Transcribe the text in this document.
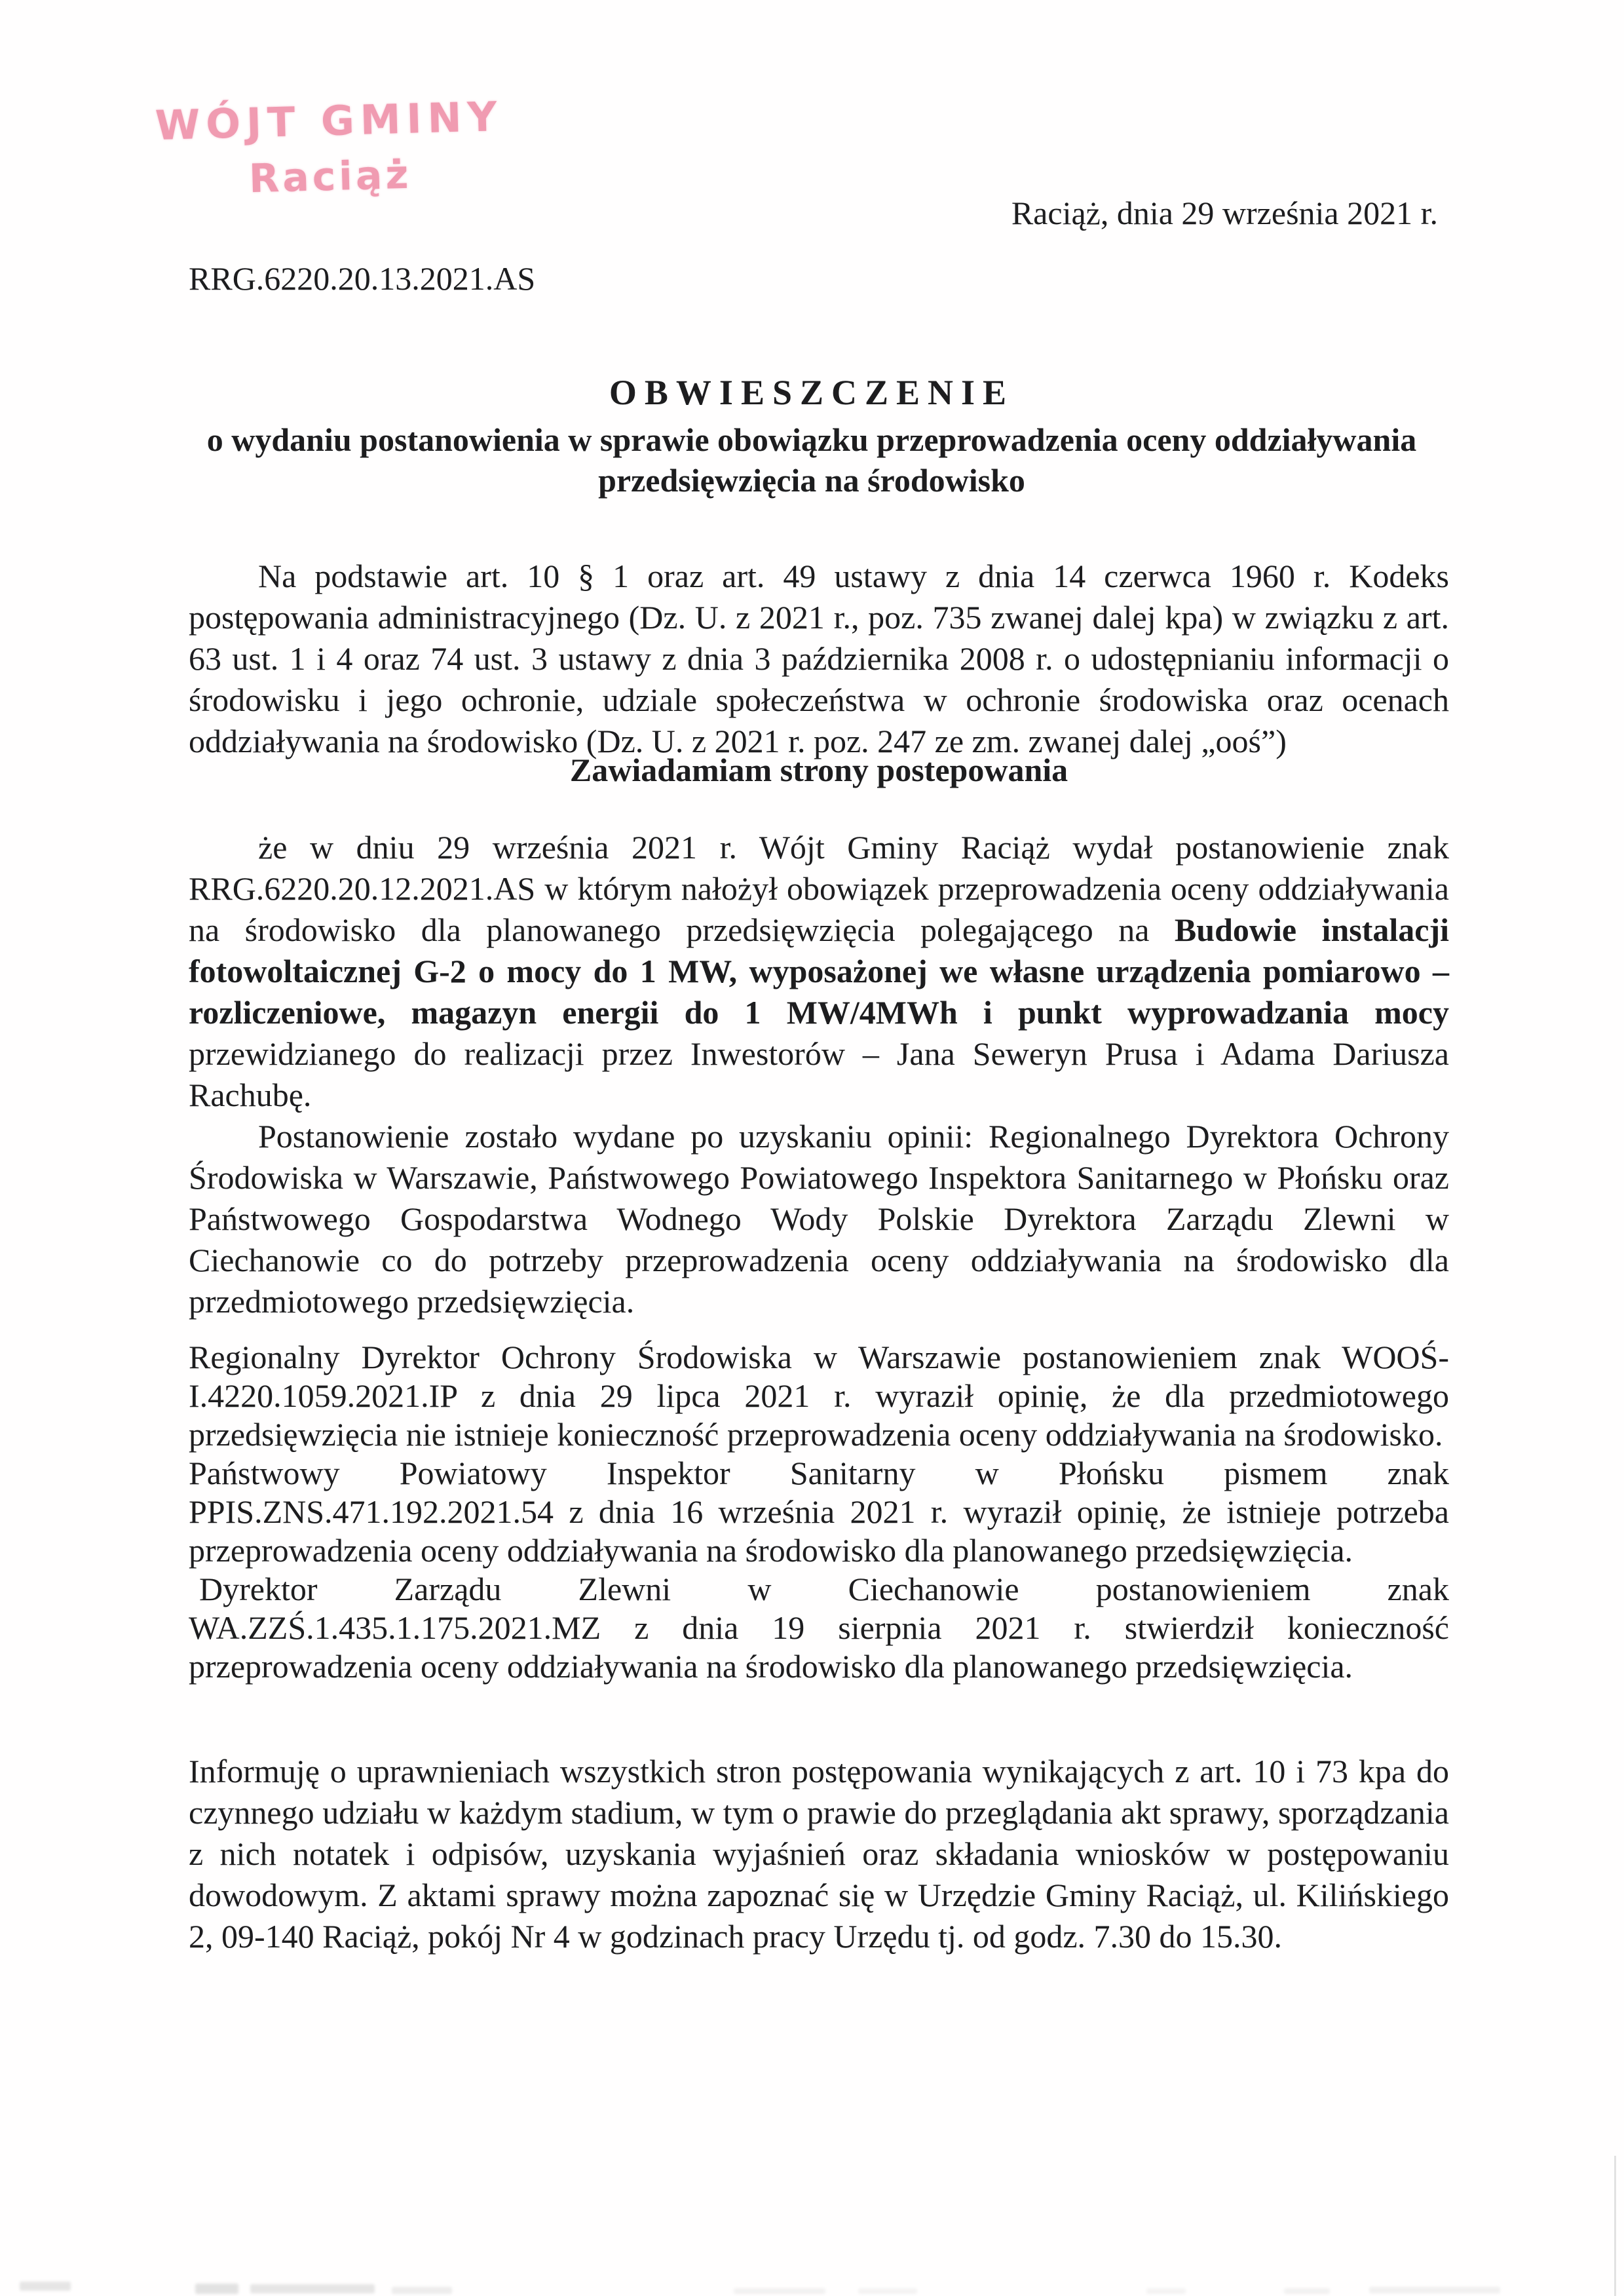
WÓJT GMINY
Raciąż
Raciąż, dnia 29 września 2021 r.
RRG.6220.20.13.2021.AS
OBWIESZCZENIE
o wydaniu postanowienia w sprawie obowiązku przeprowadzenia oceny oddziaływania przedsięwzięcia na środowisko

Na podstawie art. 10 § 1 oraz art. 49 ustawy z dnia 14 czerwca 1960 r. Kodeks postępowania administracyjnego (Dz. U. z 2021 r., poz. 735 zwanej dalej kpa) w związku z art. 63 ust. 1 i 4 oraz 74 ust. 3 ustawy z dnia 3 października 2008 r. o udostępnianiu informacji o środowisku i jego ochronie, udziale społeczeństwa w ochronie środowiska oraz ocenach oddziaływania na środowisko (Dz. U. z 2021 r. poz. 247 ze zm. zwanej dalej „ooś”)

Zawiadamiam strony postepowania

że w dniu 29 września 2021 r. Wójt Gminy Raciąż wydał postanowienie znak RRG.6220.20.12.2021.AS w którym nałożył obowiązek przeprowadzenia oceny oddziaływania na środowisko dla planowanego przedsięwzięcia polegającego na Budowie instalacji fotowoltaicznej G-2 o mocy do 1 MW, wyposażonej we własne urządzenia pomiarowo – rozliczeniowe, magazyn energii do 1 MW/4MWh i punkt wyprowadzania mocy przewidzianego do realizacji przez Inwestorów – Jana Seweryn Prusa i Adama Dariusza Rachubę.

Postanowienie zostało wydane po uzyskaniu opinii: Regionalnego Dyrektora Ochrony Środowiska w Warszawie, Państwowego Powiatowego Inspektora Sanitarnego w Płońsku oraz Państwowego Gospodarstwa Wodnego Wody Polskie Dyrektora Zarządu Zlewni w Ciechanowie co do potrzeby przeprowadzenia oceny oddziaływania na środowisko dla przedmiotowego przedsięwzięcia.

Regionalny Dyrektor Ochrony Środowiska w Warszawie postanowieniem znak WOOŚ-I.4220.1059.2021.IP z dnia 29 lipca 2021 r. wyraził opinię, że dla przedmiotowego przedsięwzięcia nie istnieje konieczność przeprowadzenia oceny oddziaływania na środowisko.

Państwowy Powiatowy Inspektor Sanitarny w Płońsku pismem znak PPIS.ZNS.471.192.2021.54 z dnia 16 września 2021 r. wyraził opinię, że istnieje potrzeba przeprowadzenia oceny oddziaływania na środowisko dla planowanego przedsięwzięcia.

Dyrektor Zarządu Zlewni w Ciechanowie postanowieniem znak WA.ZZŚ.1.435.1.175.2021.MZ z dnia 19 sierpnia 2021 r. stwierdził konieczność przeprowadzenia oceny oddziaływania na środowisko dla planowanego przedsięwzięcia.

Informuję o uprawnieniach wszystkich stron postępowania wynikających z art. 10 i 73 kpa do czynnego udziału w każdym stadium, w tym o prawie do przeglądania akt sprawy, sporządzania z nich notatek i odpisów, uzyskania wyjaśnień oraz składania wniosków w postępowaniu dowodowym. Z aktami sprawy można zapoznać się w Urzędzie Gminy Raciąż, ul. Kilińskiego 2, 09-140 Raciąż, pokój Nr 4 w godzinach pracy Urzędu tj. od godz. 7.30 do 15.30.
